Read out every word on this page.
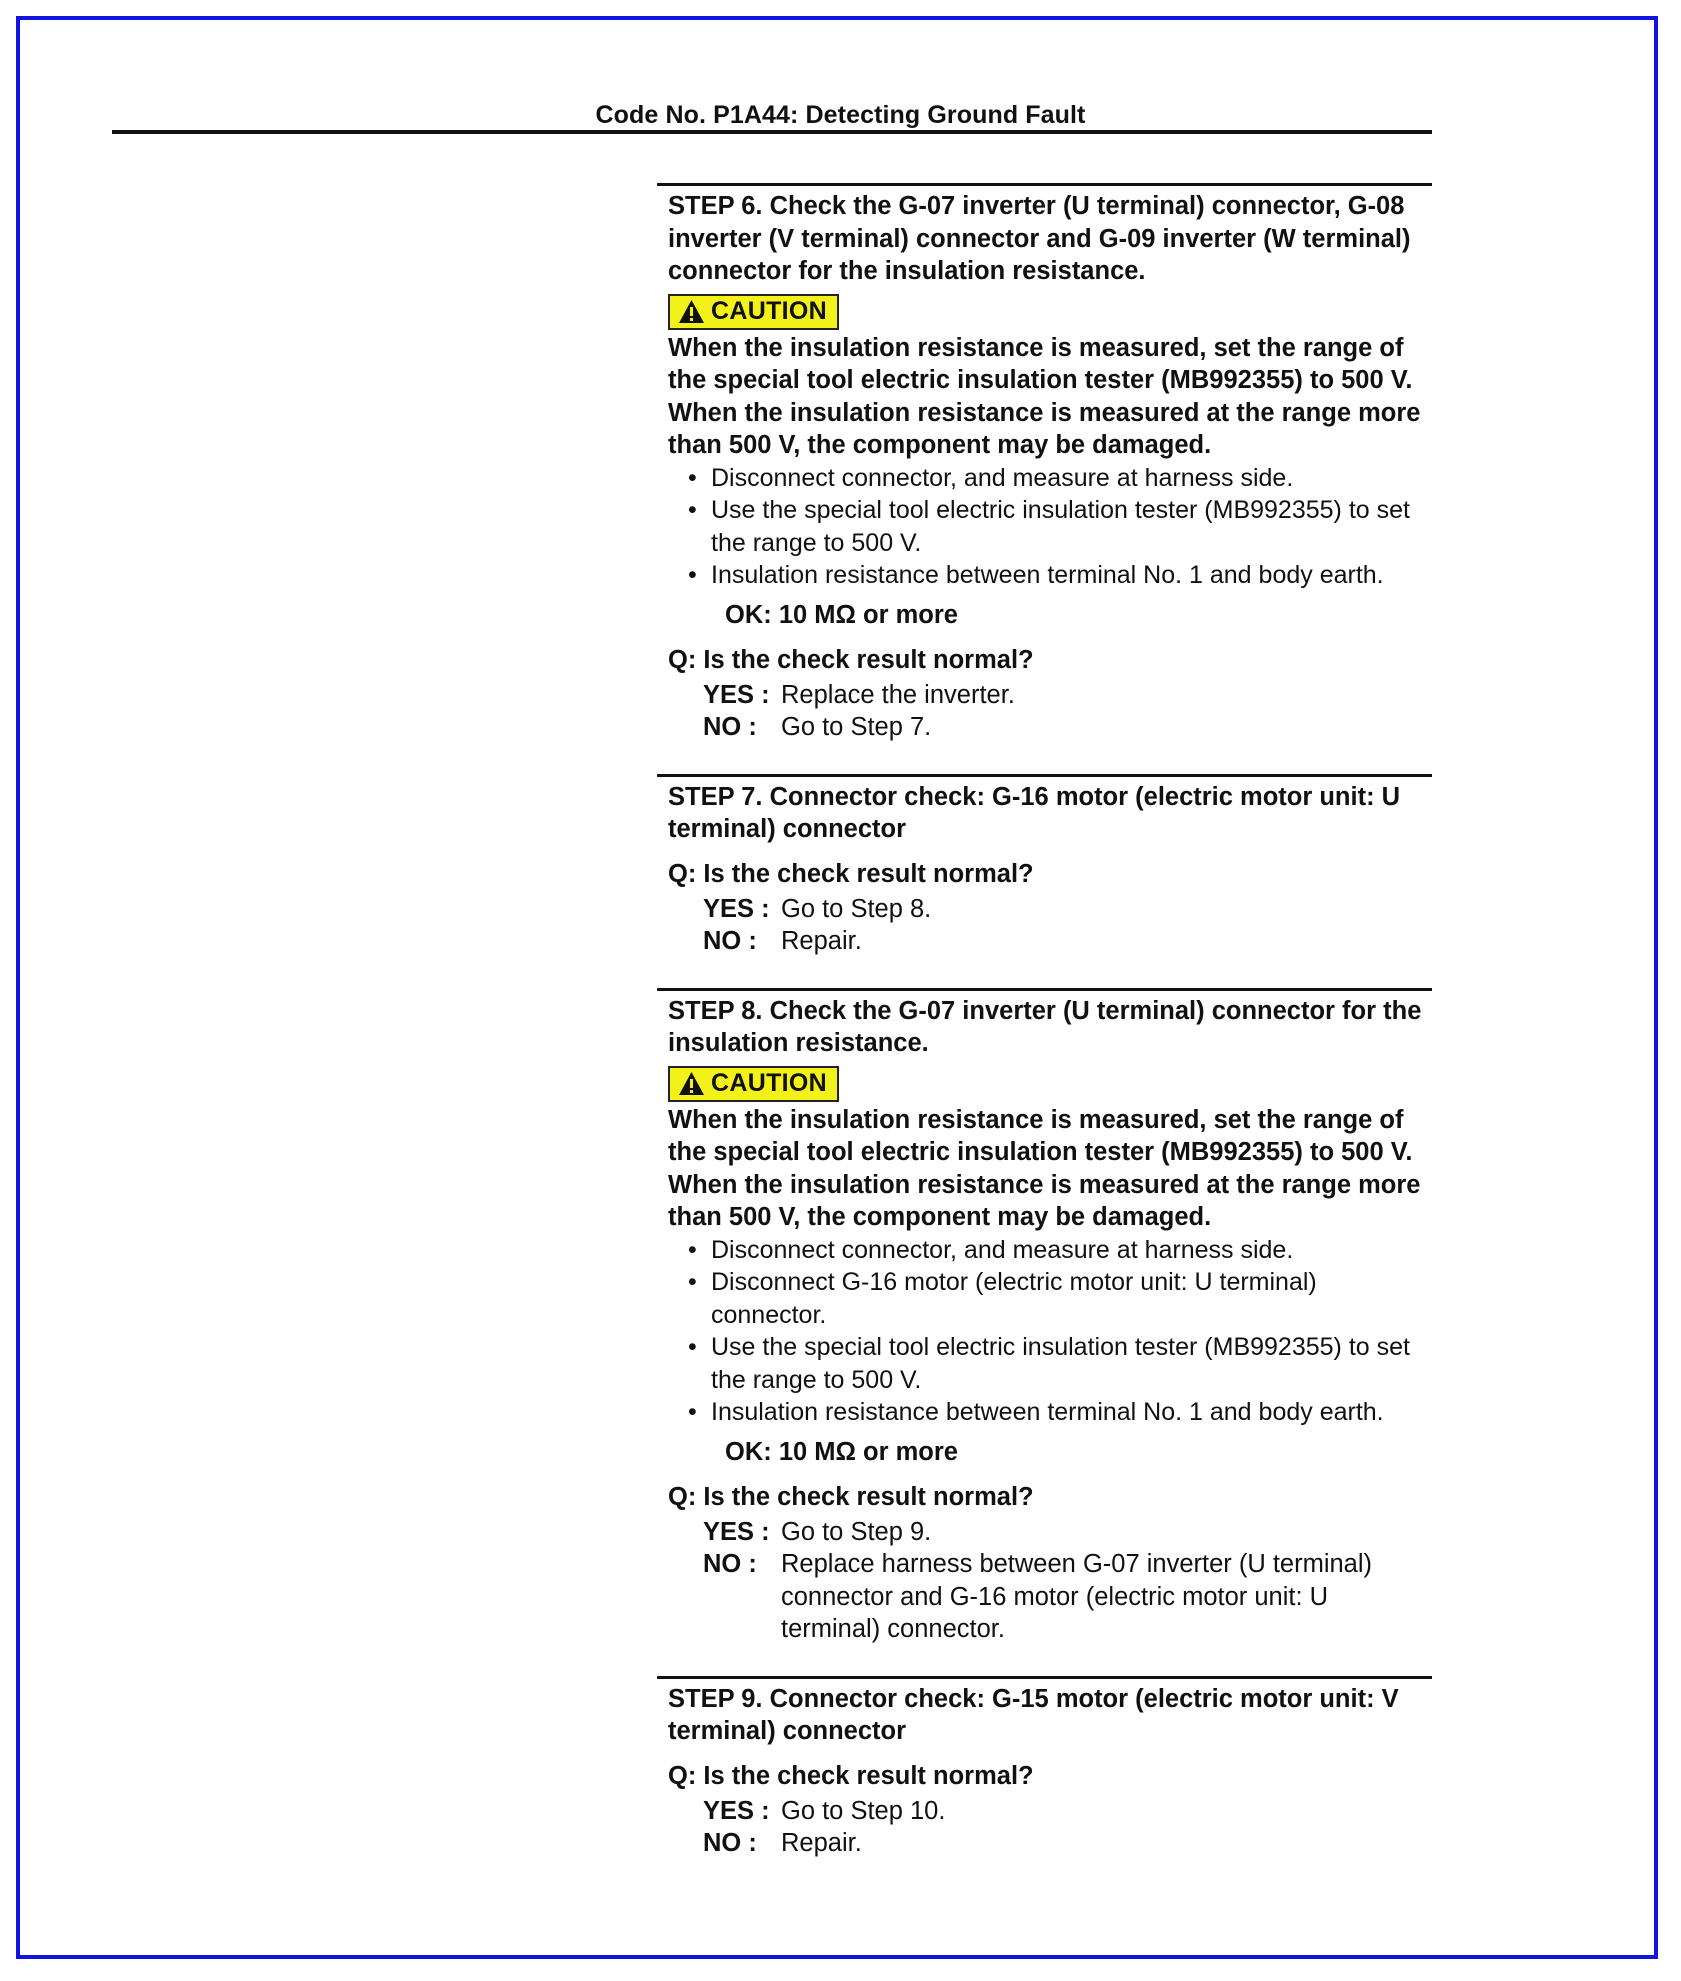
Code No. P1A44: Detecting Ground Fault
STEP 6. Check the G-07 inverter (U terminal) connector, G-08 inverter (V terminal) connector and G-09 inverter (W terminal) connector for the insulation resistance.
CAUTION
When the insulation resistance is measured, set the range of the special tool electric insulation tester (MB992355) to 500 V. When the insulation resistance is measured at the range more than 500 V, the component may be damaged.
• Disconnect connector, and measure at harness side.
• Use the special tool electric insulation tester (MB992355) to set the range to 500 V.
• Insulation resistance between terminal No. 1 and body earth.
OK: 10 MΩ or more
Q: Is the check result normal?
YES : Replace the inverter.
NO : Go to Step 7.
STEP 7. Connector check: G-16 motor (electric motor unit: U terminal) connector
Q: Is the check result normal?
YES : Go to Step 8.
NO : Repair.
STEP 8. Check the G-07 inverter (U terminal) connector for the insulation resistance.
CAUTION
When the insulation resistance is measured, set the range of the special tool electric insulation tester (MB992355) to 500 V. When the insulation resistance is measured at the range more than 500 V, the component may be damaged.
• Disconnect connector, and measure at harness side.
• Disconnect G-16 motor (electric motor unit: U terminal) connector.
• Use the special tool electric insulation tester (MB992355) to set the range to 500 V.
• Insulation resistance between terminal No. 1 and body earth.
OK: 10 MΩ or more
Q: Is the check result normal?
YES : Go to Step 9.
NO : Replace harness between G-07 inverter (U terminal) connector and G-16 motor (electric motor unit: U terminal) connector.
STEP 9. Connector check: G-15 motor (electric motor unit: V terminal) connector
Q: Is the check result normal?
YES : Go to Step 10.
NO : Repair.
